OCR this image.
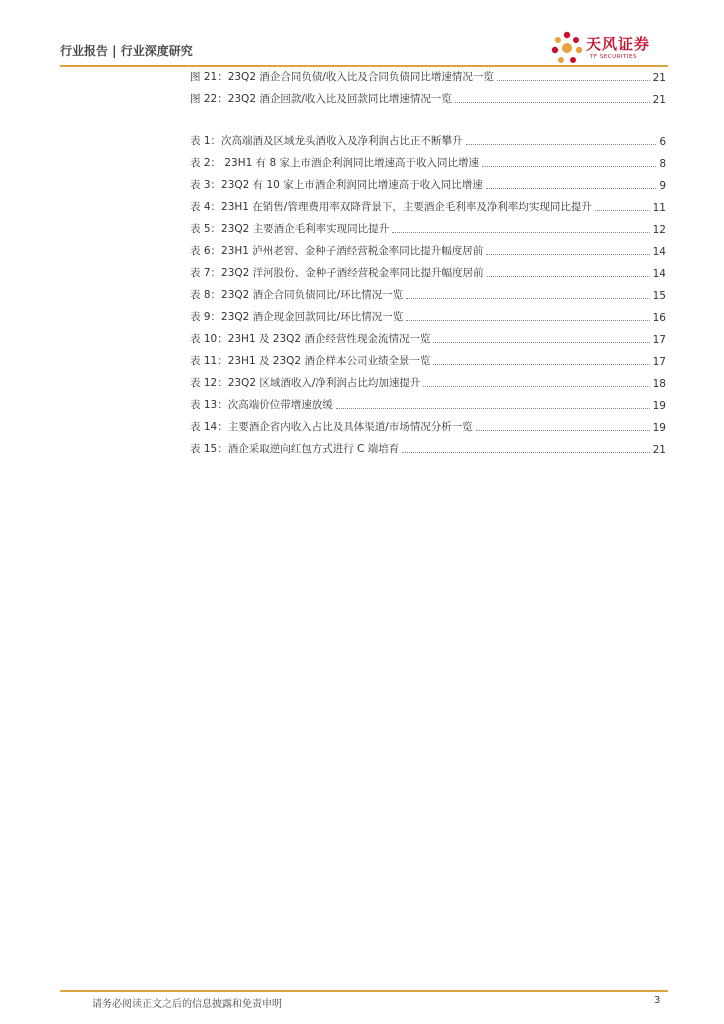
行业报告 | 行业深度研究	天风证券
TF SECURITIES
图 21：23Q2 酒企合同负债/收入比及合同负债同比增速情况一览	21
图 22：23Q2 酒企回款/收入比及回款同比增速情况一览	21
表 1：次高端酒及区域龙头酒收入及净利润占比正不断攀升	6
表 2： 23H1 有 8 家上市酒企利润同比增速高于收入同比增速	8
表 3：23Q2 有 10 家上市酒企利润同比增速高于收入同比增速	9
表 4：23H1 在销售/管理费用率双降背景下，主要酒企毛利率及净利率均实现同比提升	11
表 5：23Q2 主要酒企毛利率实现同比提升	12
表 6：23H1 泸州老窖、金种子酒经营税金率同比提升幅度居前	14
表 7：23Q2 洋河股份、金种子酒经营税金率同比提升幅度居前	14
表 8：23Q2 酒企合同负债同比/环比情况一览	15
表 9：23Q2 酒企现金回款同比/环比情况一览	16
表 10：23H1 及 23Q2 酒企经营性现金流情况一览	17
表 11：23H1 及 23Q2 酒企样本公司业绩全景一览	17
表 12：23Q2 区域酒收入/净利润占比均加速提升	18
表 13：次高端价位带增速放缓	19
表 14：主要酒企省内收入占比及具体渠道/市场情况分析一览	19
表 15：酒企采取逆向红包方式进行 C 端培育	21
请务必阅读正文之后的信息披露和免责申明	3
